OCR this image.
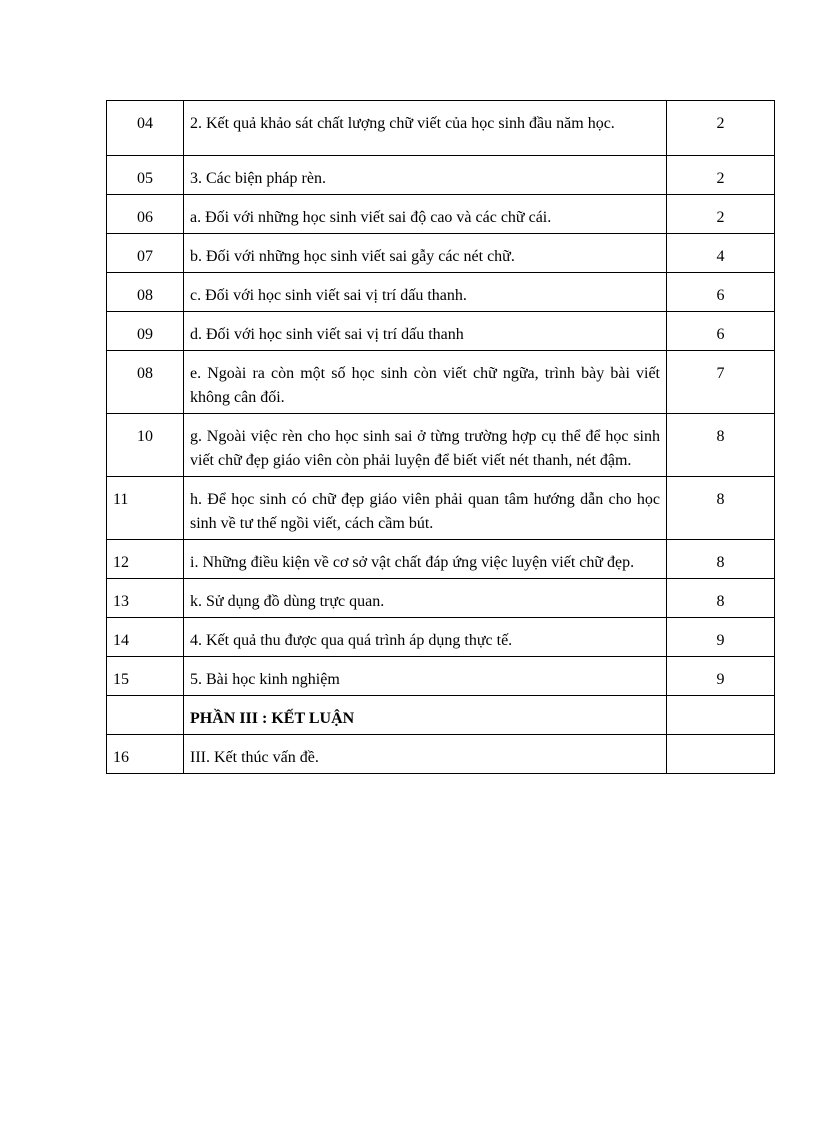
04	2. Kết quả khảo sát chất lượng chữ viết của học sinh đầu năm học.	2
05	3. Các biện pháp rèn.	2
06	a. Đối với những học sinh viết sai độ cao và các chữ cái.	2
07	b. Đối với những học sinh viết sai gẫy các nét chữ.	4
08	c. Đối với học sinh viết sai vị trí dấu thanh.	6
09	d. Đối với học sinh viết sai vị trí dấu thanh	6
08	e. Ngoài ra còn một số học sinh còn viết chữ ngữa, trình bày bài viết không cân đối.	7
10	g. Ngoài việc rèn cho học sinh sai ở từng trường hợp cụ thể để học sinh viết chữ đẹp giáo viên còn phải luyện để biết viết nét thanh, nét đậm.	8
11	h. Để học sinh có chữ đẹp giáo viên phải quan tâm hướng dẫn cho học sinh về tư thế ngồi viết, cách cầm bút.	8
12	i. Những điều kiện về cơ sở vật chất đáp ứng việc luyện viết chữ đẹp.	8
13	k. Sử dụng đồ dùng trực quan.	8
14	4. Kết quả thu được qua quá trình áp dụng thực tế.	9
15	5. Bài học kinh nghiệm	9
	PHẦN III : KẾT LUẬN	
16	III. Kết thúc vấn đề.	
